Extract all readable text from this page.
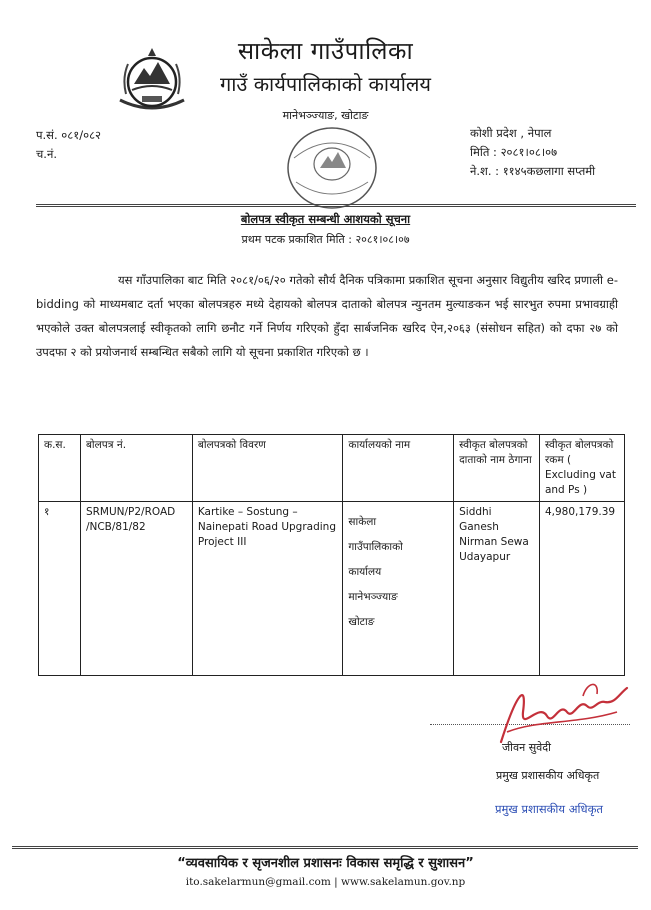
साकेला गाउँपालिका
गाउँ कार्यपालिकाको कार्यालय
मानेभञ्ज्याङ, खोटाङ
प.सं. ०८१/०८२
च.नं.
कोशी प्रदेश , नेपाल
मिति : २०८१।०८।०७
ने.श. : ११४५कछलागा सप्तमी
बोलपत्र स्वीकृत सम्बन्धी आशयको सूचना
प्रथम पटक प्रकाशित मिति : २०८१।०८।०७
यस गाँउपालिका बाट मिति २०८१/०६/२० गतेको सौर्य दैनिक पत्रिकामा प्रकाशित सूचना अनुसार विद्युतीय खरिद प्रणाली e-bidding को माध्यमबाट दर्ता भएका बोलपत्रहरु मध्ये देहायको बोलपत्र दाताको बोलपत्र न्युनतम मुल्याङकन भई सारभुत रुपमा प्रभावग्राही भएकोले उक्त बोलपत्रलाई स्वीकृतको लागि छनौट गर्ने निर्णय गरिएको हुँदा सार्बजनिक खरिद ऐन,२०६३ (संसोधन सहित) को दफा २७ को उपदफा २ को प्रयोजनार्थ सम्बन्धित सबैको लागि यो सूचना प्रकाशित गरिएको छ ।
क.स.	बोलपत्र नं.	बोलपत्रको विवरण	कार्यालयको नाम	स्वीकृत बोलपत्रको दाताको नाम ठेगाना	स्वीकृत बोलपत्रको रकम ( Excluding vat and Ps )
१	SRMUN/P2/ROAD /NCB/81/82	Kartike – Sostung – Nainepati Road Upgrading Project III	साकेला
गाउँपालिकाको
कार्यालय
मानेभञ्ज्याङ
खोटाङ	Siddhi Ganesh Nirman Sewa Udayapur	4,980,179.39
जीवन सुवेदी
प्रमुख प्रशासकीय अधिकृत
प्रमुख प्रशासकीय अधिकृत
“व्यवसायिक र सृजनशील प्रशासनः विकास समृद्धि र सुशासन”
ito.sakelarmun@gmail.com | www.sakelamun.gov.np
